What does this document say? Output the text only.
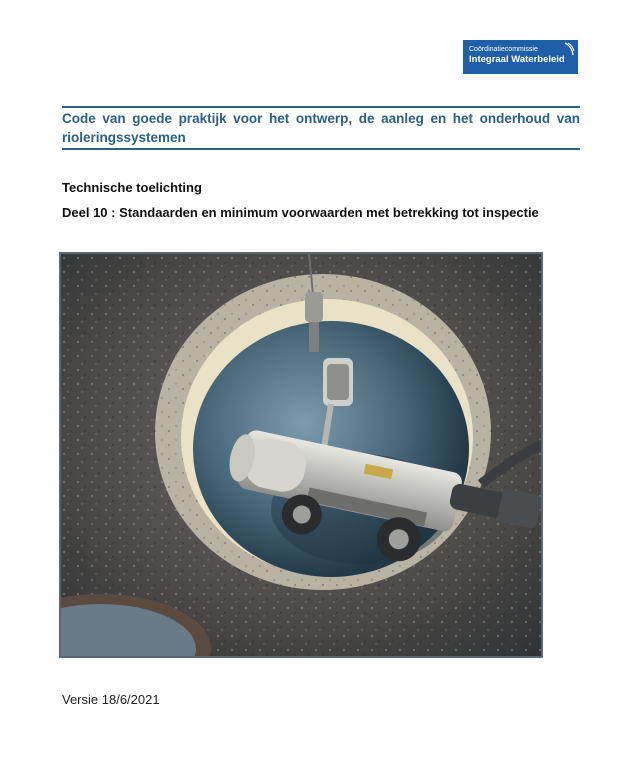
Coördinatiecommissie
Integraal Waterbeleid
Code van goede praktijk voor het ontwerp, de aanleg en het onderhoud van rioleringssystemen
Technische toelichting
Deel 10 : Standaarden en minimum voorwaarden met betrekking tot inspectie
Versie 18/6/2021
